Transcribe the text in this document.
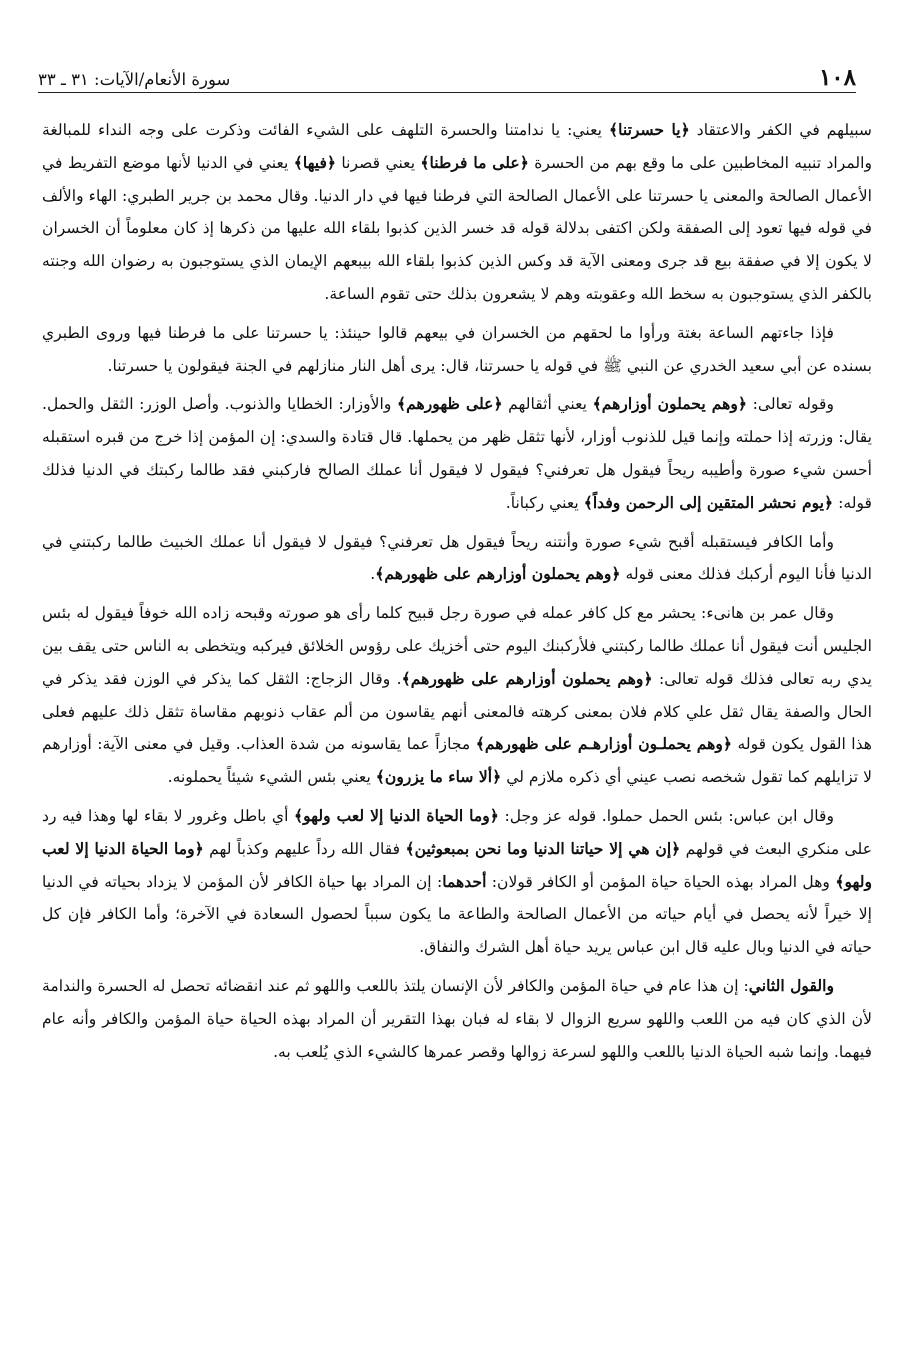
١٠٨
سورة الأنعام/الآيات: ٣١ ـ ٣٣

سبيلهم في الكفر والاعتقاد ﴿يا حسرتنا﴾ يعني: يا ندامتنا والحسرة التلهف على الشيء الفائت وذكرت على وجه النداء للمبالغة والمراد تنبيه المخاطبين على ما وقع بهم من الحسرة ﴿على ما فرطنا﴾ يعني قصرنا ﴿فيها﴾ يعني في الدنيا لأنها موضع التفريط في الأعمال الصالحة والمعنى يا حسرتنا على الأعمال الصالحة التي فرطنا فيها في دار الدنيا. وقال محمد بن جرير الطبري: الهاء والألف في قوله فيها تعود إلى الصفقة ولكن اكتفى بدلالة قوله قد خسر الذين كذبوا بلقاء الله عليها من ذكرها إذ كان معلوماً أن الخسران لا يكون إلا في صفقة بيع قد جرى ومعنى الآية قد وكس الذين كذبوا بلقاء الله بيبعهم الإيمان الذي يستوجبون به رضوان الله وجنته بالكفر الذي يستوجبون به سخط الله وعقوبته وهم لا يشعرون بذلك حتى تقوم الساعة.

فإذا جاءتهم الساعة بغتة ورأوا ما لحقهم من الخسران في بيعهم قالوا حينئذ: يا حسرتنا على ما فرطنا فيها وروى الطبري بسنده عن أبي سعيد الخدري عن النبي ﷺ في قوله يا حسرتنا، قال: يرى أهل النار منازلهم في الجنة فيقولون يا حسرتنا.

وقوله تعالى: ﴿وهم يحملون أوزارهم﴾ يعني أثقالهم ﴿على ظهورهم﴾ والأوزار: الخطايا والذنوب. وأصل الوزر: الثقل والحمل. يقال: وزرته إذا حملته وإنما قيل للذنوب أوزار، لأنها تثقل ظهر من يحملها. قال قتادة والسدي: إن المؤمن إذا خرج من قبره استقبله أحسن شيء صورة وأطيبه ريحاً فيقول هل تعرفني؟ فيقول لا فيقول أنا عملك الصالح فاركبني فقد طالما ركبتك في الدنيا فذلك قوله: ﴿يوم نحشر المتقين إلى الرحمن وفداً﴾ يعني ركباناً.

وأما الكافر فيستقبله أقبح شيء صورة وأنتنه ريحاً فيقول هل تعرفني؟ فيقول لا فيقول أنا عملك الخبيث طالما ركبتني في الدنيا فأنا اليوم أركبك فذلك معنى قوله ﴿وهم يحملون أوزارهم على ظهورهم﴾.

وقال عمر بن هانىء: يحشر مع كل كافر عمله في صورة رجل قبيح كلما رأى هو صورته وقبحه زاده الله خوفاً فيقول له بئس الجليس أنت فيقول أنا عملك طالما ركبتني فلأركبنك اليوم حتى أخزيك على رؤوس الخلائق فيركبه ويتخطى به الناس حتى يقف بين يدي ربه تعالى فذلك قوله تعالى: ﴿وهم يحملون أوزارهم على ظهورهم﴾. وقال الزجاج: الثقل كما يذكر في الوزن فقد يذكر في الحال والصفة يقال ثقل علي كلام فلان بمعنى كرهته فالمعنى أنهم يقاسون من ألم عقاب ذنوبهم مقاساة تثقل ذلك عليهم فعلى هذا القول يكون قوله ﴿وهم يحملـون أوزارهـم على ظهورهم﴾ مجازاً عما يقاسونه من شدة العذاب. وقيل في معنى الآية: أوزارهم لا تزايلهم كما تقول شخصه نصب عيني أي ذكره ملازم لي ﴿ألا ساء ما يزرون﴾ يعني بئس الشيء شيئاً يحملونه.

وقال ابن عباس: بئس الحمل حملوا. قوله عز وجل: ﴿وما الحياة الدنيا إلا لعب ولهو﴾ أي باطل وغرور لا بقاء لها وهذا فيه رد على منكري البعث في قولهم ﴿إن هي إلا حياتنا الدنيا وما نحن بمبعوثين﴾ فقال الله رداً عليهم وكذباً لهم ﴿وما الحياة الدنيا إلا لعب ولهو﴾ وهل المراد بهذه الحياة حياة المؤمن أو الكافر قولان: أحدهما: إن المراد بها حياة الكافر لأن المؤمن لا يزداد بحياته في الدنيا إلا خيراً لأنه يحصل في أيام حياته من الأعمال الصالحة والطاعة ما يكون سبباً لحصول السعادة في الآخرة؛ وأما الكافر فإن كل حياته في الدنيا وبال عليه قال ابن عباس يريد حياة أهل الشرك والنفاق.

والقول الثاني: إن هذا عام في حياة المؤمن والكافر لأن الإنسان يلتذ باللعب واللهو ثم عند انقضائه تحصل له الحسرة والندامة لأن الذي كان فيه من اللعب واللهو سريع الزوال لا بقاء له فبان بهذا التقرير أن المراد بهذه الحياة حياة المؤمن والكافر وأنه عام فيهما. وإنما شبه الحياة الدنيا باللعب واللهو لسرعة زوالها وقصر عمرها كالشيء الذي يُلعب به.
